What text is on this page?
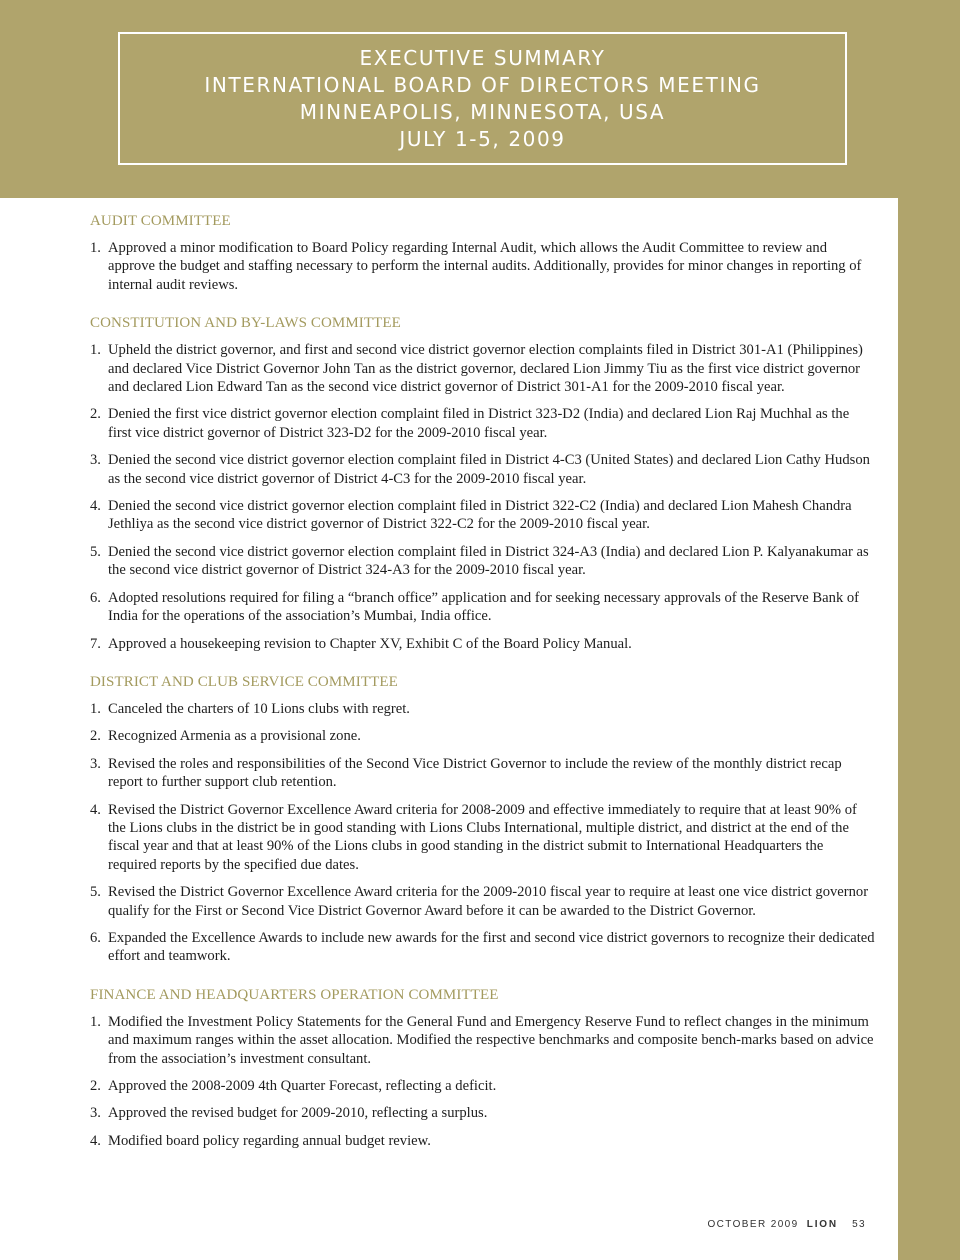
EXECUTIVE SUMMARY
INTERNATIONAL BOARD OF DIRECTORS MEETING
MINNEAPOLIS, MINNESOTA, USA
JULY 1-5, 2009
AUDIT COMMITTEE
1. Approved a minor modification to Board Policy regarding Internal Audit, which allows the Audit Committee to review and approve the budget and staffing necessary to perform the internal audits. Additionally, provides for minor changes in reporting of internal audit reviews.
CONSTITUTION AND BY-LAWS COMMITTEE
1. Upheld the district governor, and first and second vice district governor election complaints filed in District 301-A1 (Philippines) and declared Vice District Governor John Tan as the district governor, declared Lion Jimmy Tiu as the first vice district governor and declared Lion Edward Tan as the second vice district governor of District 301-A1 for the 2009-2010 fiscal year.
2. Denied the first vice district governor election complaint filed in District 323-D2 (India) and declared Lion Raj Muchhal as the first vice district governor of District 323-D2 for the 2009-2010 fiscal year.
3. Denied the second vice district governor election complaint filed in District 4-C3 (United States) and declared Lion Cathy Hudson as the second vice district governor of District 4-C3 for the 2009-2010 fiscal year.
4. Denied the second vice district governor election complaint filed in District 322-C2 (India) and declared Lion Mahesh Chandra Jethliya as the second vice district governor of District 322-C2 for the 2009-2010 fiscal year.
5. Denied the second vice district governor election complaint filed in District 324-A3 (India) and declared Lion P. Kalyanakumar as the second vice district governor of District 324-A3 for the 2009-2010 fiscal year.
6. Adopted resolutions required for filing a “branch office” application and for seeking necessary approvals of the Reserve Bank of India for the operations of the association’s Mumbai, India office.
7. Approved a housekeeping revision to Chapter XV, Exhibit C of the Board Policy Manual.
DISTRICT AND CLUB SERVICE COMMITTEE
1. Canceled the charters of 10 Lions clubs with regret.
2. Recognized Armenia as a provisional zone.
3. Revised the roles and responsibilities of the Second Vice District Governor to include the review of the monthly district recap report to further support club retention.
4. Revised the District Governor Excellence Award criteria for 2008-2009 and effective immediately to require that at least 90% of the Lions clubs in the district be in good standing with Lions Clubs International, multiple district, and district at the end of the fiscal year and that at least 90% of the Lions clubs in good standing in the district submit to International Headquarters the required reports by the specified due dates.
5. Revised the District Governor Excellence Award criteria for the 2009-2010 fiscal year to require at least one vice district governor qualify for the First or Second Vice District Governor Award before it can be awarded to the District Governor.
6. Expanded the Excellence Awards to include new awards for the first and second vice district governors to recognize their dedicated effort and teamwork.
FINANCE AND HEADQUARTERS OPERATION COMMITTEE
1. Modified the Investment Policy Statements for the General Fund and Emergency Reserve Fund to reflect changes in the minimum and maximum ranges within the asset allocation. Modified the respective benchmarks and composite bench-marks based on advice from the association’s investment consultant.
2. Approved the 2008-2009 4th Quarter Forecast, reflecting a deficit.
3. Approved the revised budget for 2009-2010, reflecting a surplus.
4. Modified board policy regarding annual budget review.
OCTOBER 2009 LION 53
